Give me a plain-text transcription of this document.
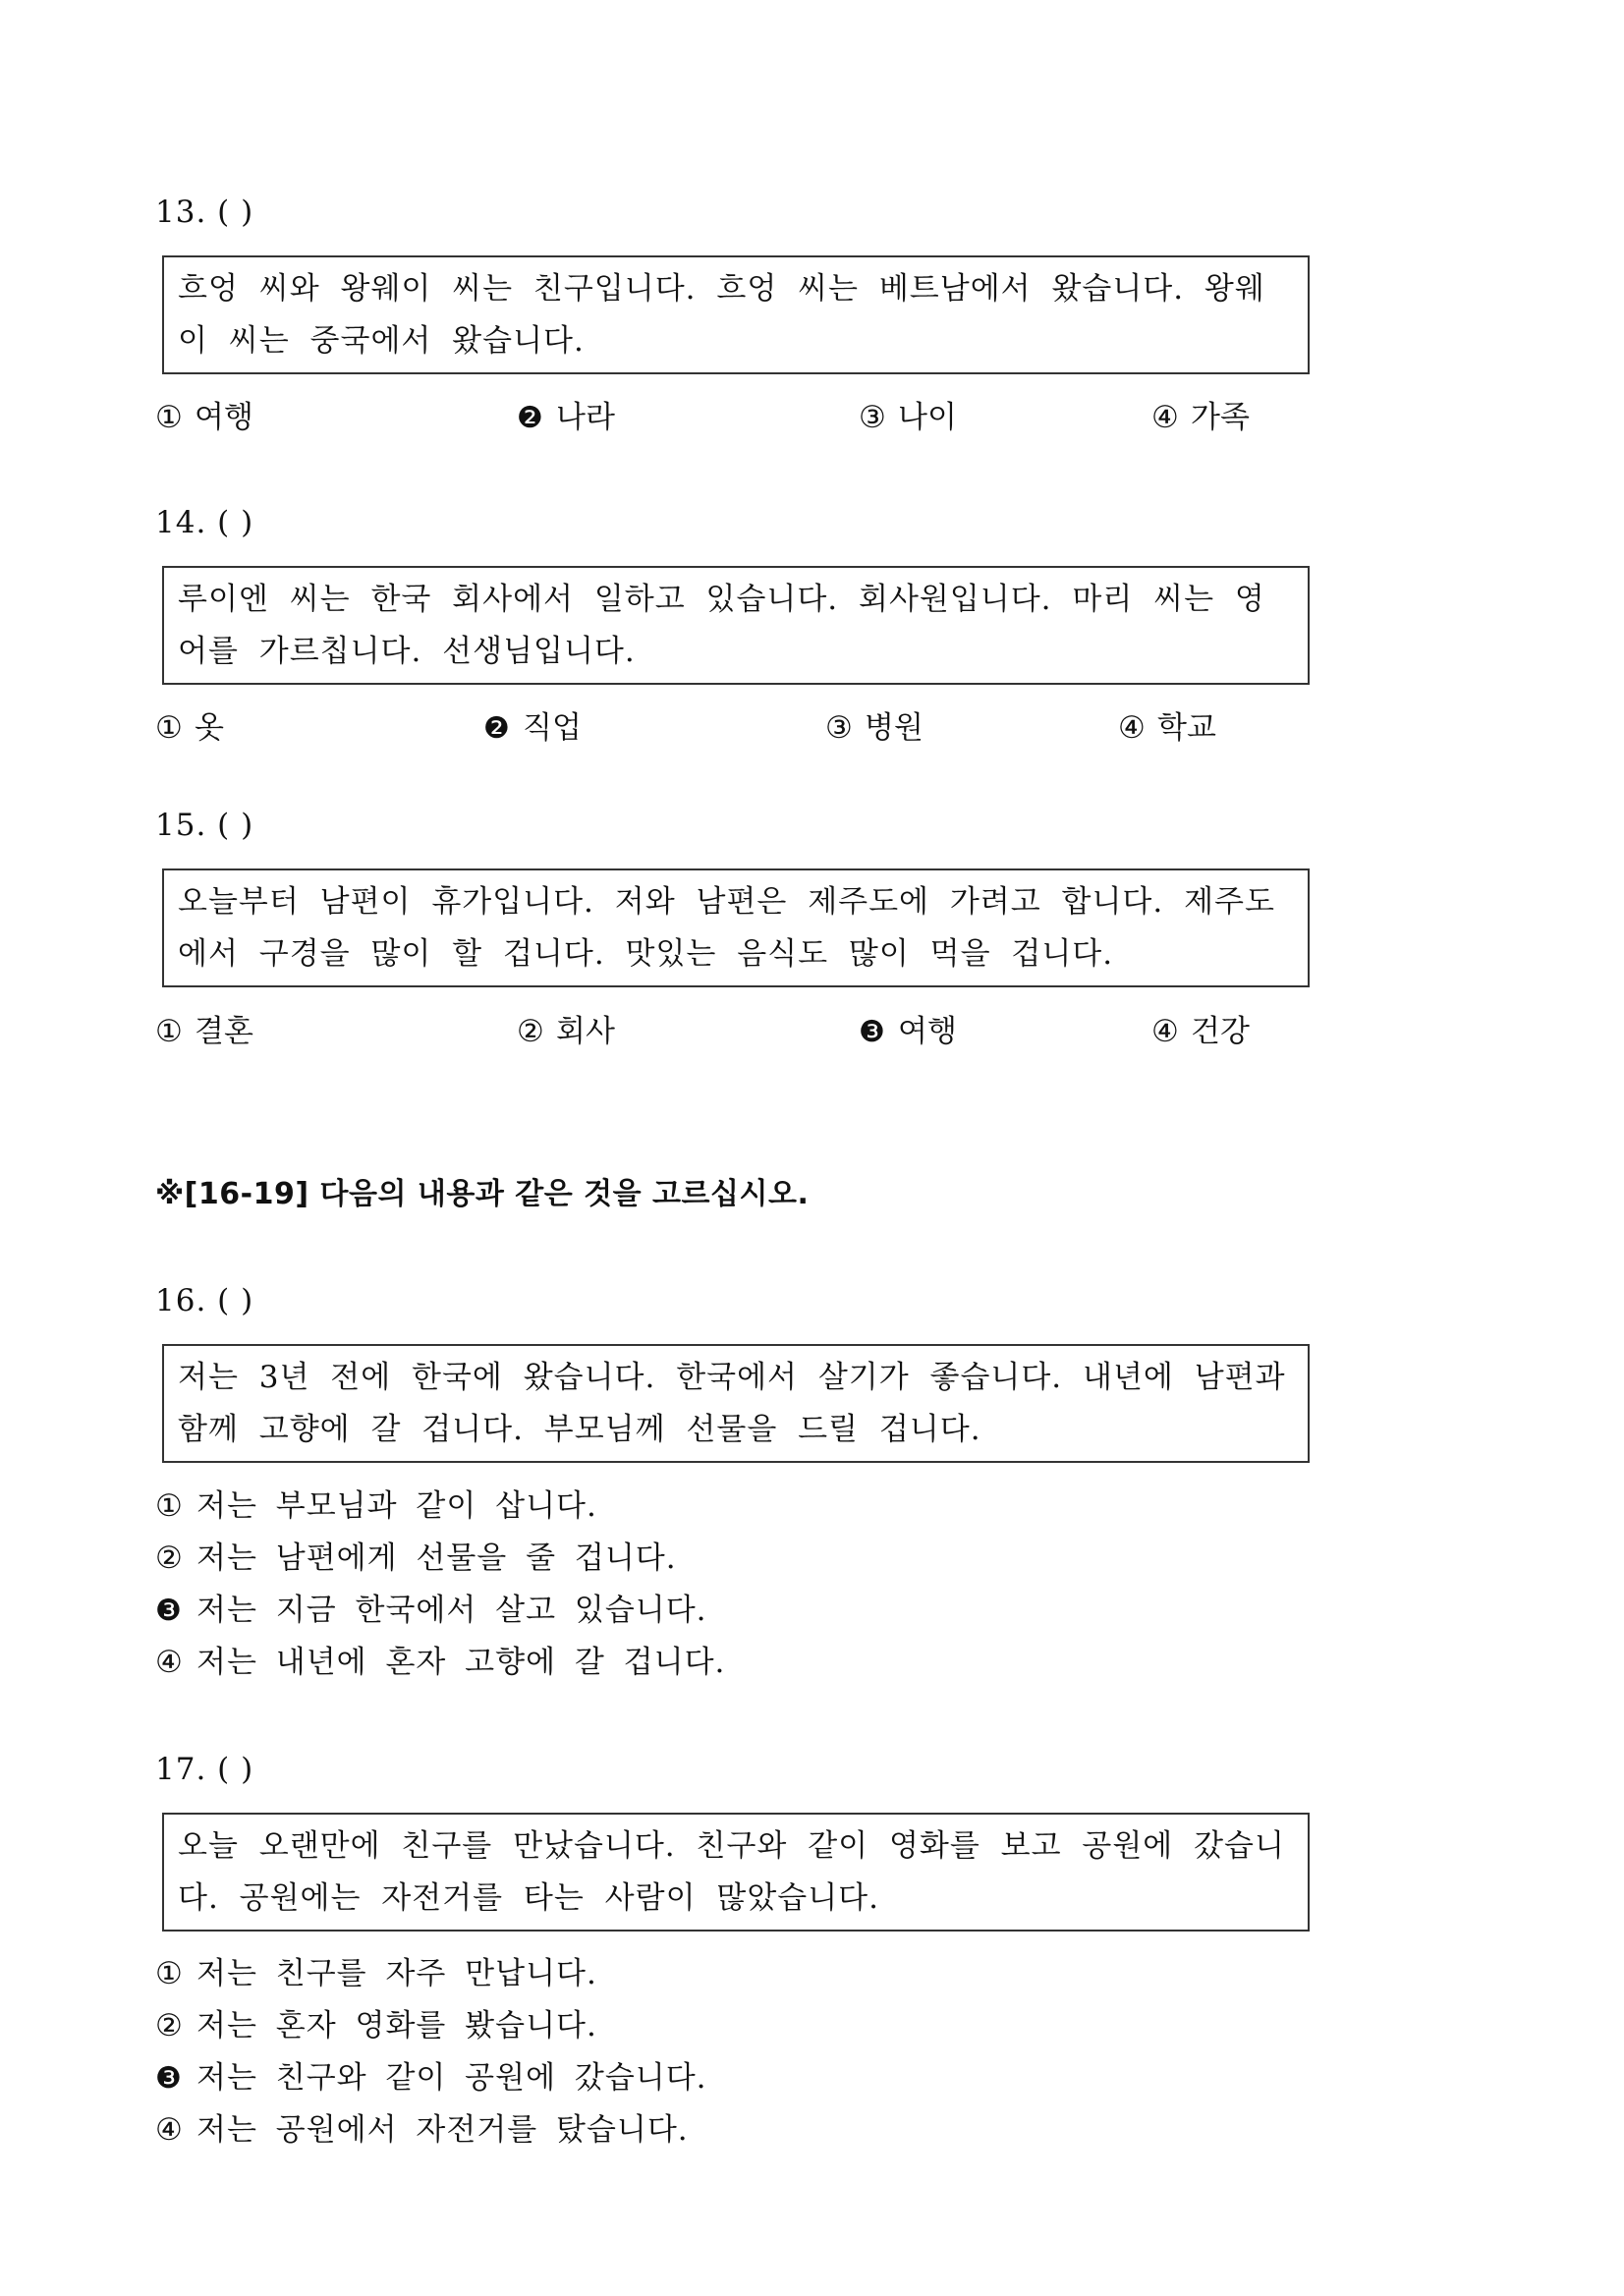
13. ( )
흐엉 씨와 왕웨이 씨는 친구입니다. 흐엉 씨는 베트남에서 왔습니다. 왕웨
이 씨는 중국에서 왔습니다.
① 여행	❷ 나라	③ 나이	④ 가족
14. ( )
루이엔 씨는 한국 회사에서 일하고 있습니다. 회사원입니다. 마리 씨는 영
어를 가르칩니다. 선생님입니다.
① 옷	❷ 직업	③ 병원	④ 학교
15. ( )
오늘부터 남편이 휴가입니다. 저와 남편은 제주도에 가려고 합니다. 제주도
에서 구경을 많이 할 겁니다. 맛있는 음식도 많이 먹을 겁니다.
① 결혼	② 회사	❸ 여행	④ 건강
※[16-19] 다음의 내용과 같은 것을 고르십시오.
16. ( )
저는 3년 전에 한국에 왔습니다. 한국에서 살기가 좋습니다. 내년에 남편과
함께 고향에 갈 겁니다. 부모님께 선물을 드릴 겁니다.
① 저는 부모님과 같이 삽니다.
② 저는 남편에게 선물을 줄 겁니다.
❸ 저는 지금 한국에서 살고 있습니다.
④ 저는 내년에 혼자 고향에 갈 겁니다.
17. ( )
오늘 오랜만에 친구를 만났습니다. 친구와 같이 영화를 보고 공원에 갔습니
다. 공원에는 자전거를 타는 사람이 많았습니다.
① 저는 친구를 자주 만납니다.
② 저는 혼자 영화를 봤습니다.
❸ 저는 친구와 같이 공원에 갔습니다.
④ 저는 공원에서 자전거를 탔습니다.
